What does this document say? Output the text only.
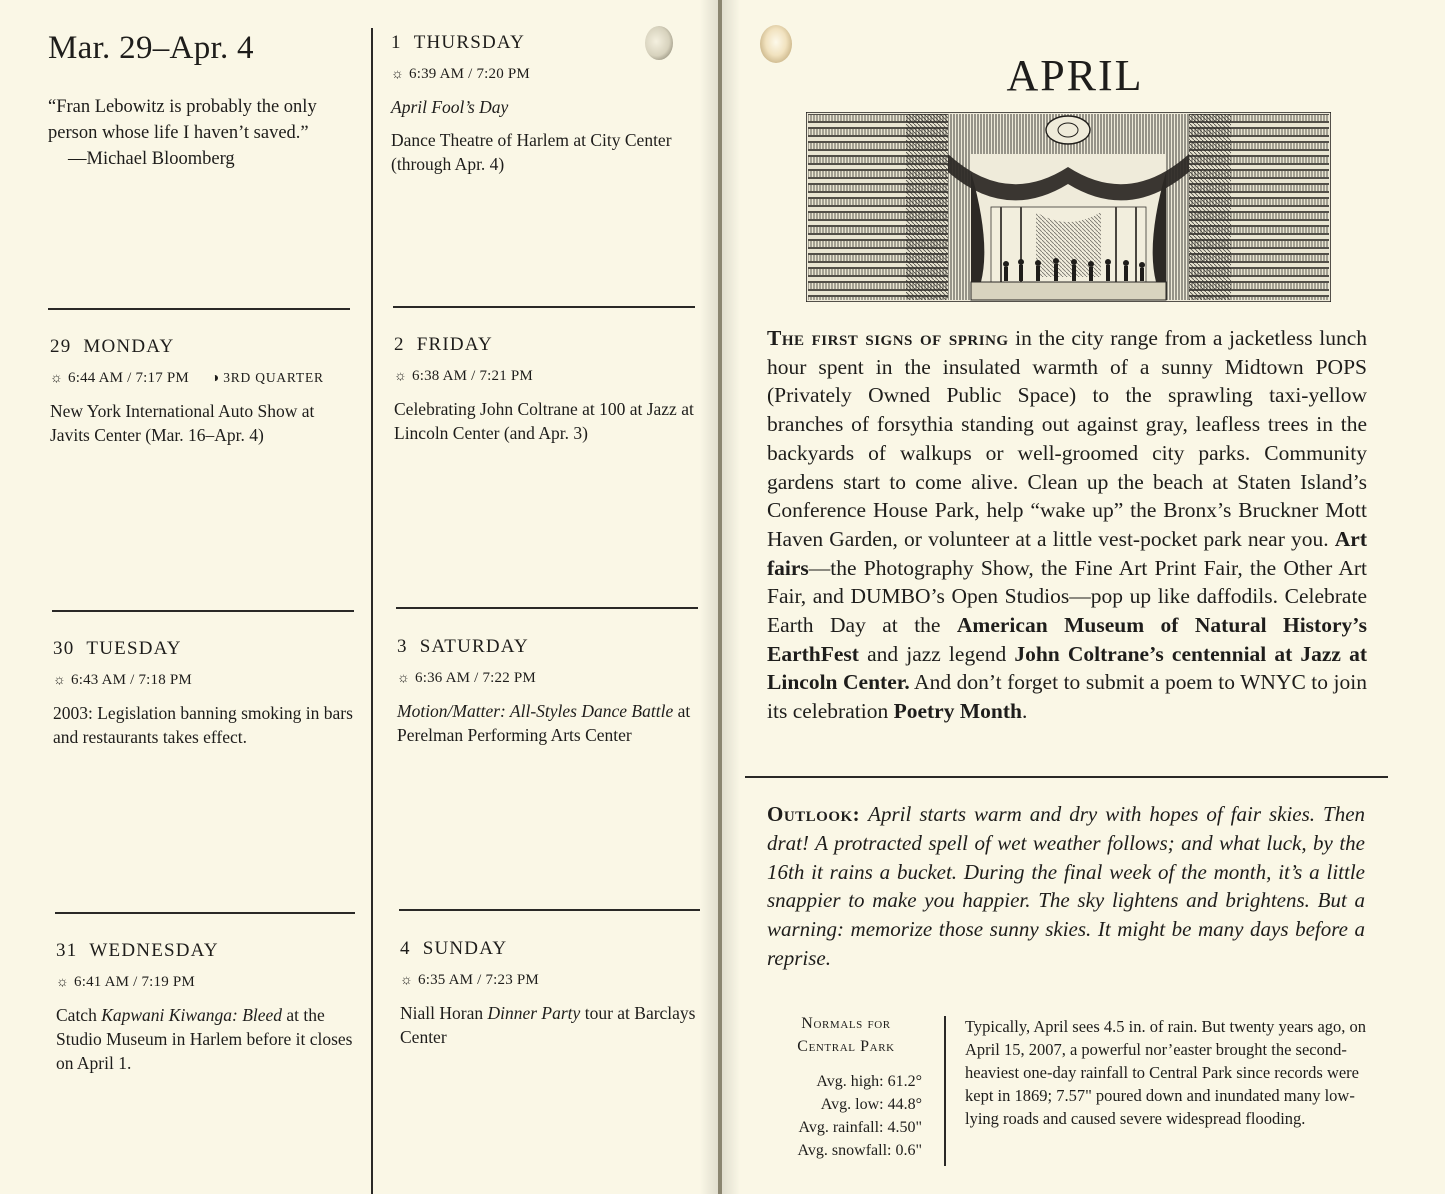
Mar. 29–Apr. 4

“Fran Lebowitz is probably the only person whose life I haven’t saved.”

—Michael Bloomberg

29 MONDAY
☼ 6:44 AM / 7:17 PM ◑ 3RD QUARTER
New York International Auto Show at Javits Center (Mar. 16–Apr. 4)
30 TUESDAY
☼ 6:43 AM / 7:18 PM
2003: Legislation banning smoking in bars and restaurants takes effect.
31 WEDNESDAY
☼ 6:41 AM / 7:19 PM
Catch Kapwani Kiwanga: Bleed at the Studio Museum in Harlem before it closes on April 1.
1 THURSDAY
☼ 6:39 AM / 7:20 PM
April Fool’s Day
Dance Theatre of Harlem at City Center (through Apr. 4)
2 FRIDAY
☼ 6:38 AM / 7:21 PM
Celebrating John Coltrane at 100 at Jazz at Lincoln Center (and Apr. 3)
3 SATURDAY
☼ 6:36 AM / 7:22 PM
Motion/Matter: All-Styles Dance Battle at Perelman Performing Arts Center
4 SUNDAY
☼ 6:35 AM / 7:23 PM
Niall Horan Dinner Party tour at Barclays Center
APRIL
The first signs of spring in the city range from a jacketless lunch hour spent in the insulated warmth of a sunny Midtown POPS (Privately Owned Public Space) to the sprawling taxi-yellow branches of forsythia standing out against gray, leafless trees in the backyards of walkups or well-groomed city parks. Community gardens start to come alive. Clean up the beach at Staten Island’s Conference House Park, help “wake up” the Bronx’s Bruckner Mott Haven Garden, or volunteer at a little vest-pocket park near you. Art fairs—the Photography Show, the Fine Art Print Fair, the Other Art Fair, and DUMBO’s Open Studios—pop up like daffodils. Celebrate Earth Day at the American Museum of Natural History’s EarthFest and jazz legend John Coltrane’s centennial at Jazz at Lincoln Center. And don’t forget to submit a poem to WNYC to join its celebration Poetry Month.
Outlook: April starts warm and dry with hopes of fair skies. Then drat! A protracted spell of wet weather follows; and what luck, by the 16th it rains a bucket. During the final week of the month, it’s a little snappier to make you happier. The sky lightens and brightens. But a warning: memorize those sunny skies. It might be many days before a reprise.
Normals for
Central Park
Avg. high: 61.2°
Avg. low: 44.8°
Avg. rainfall: 4.50"
Avg. snowfall: 0.6"
Typically, April sees 4.5 in. of rain. But twenty years ago, on April 15, 2007, a powerful nor’easter brought the second-heaviest one-day rainfall to Central Park since records were kept in 1869; 7.57" poured down and inundated many low-lying roads and caused severe widespread flooding.
